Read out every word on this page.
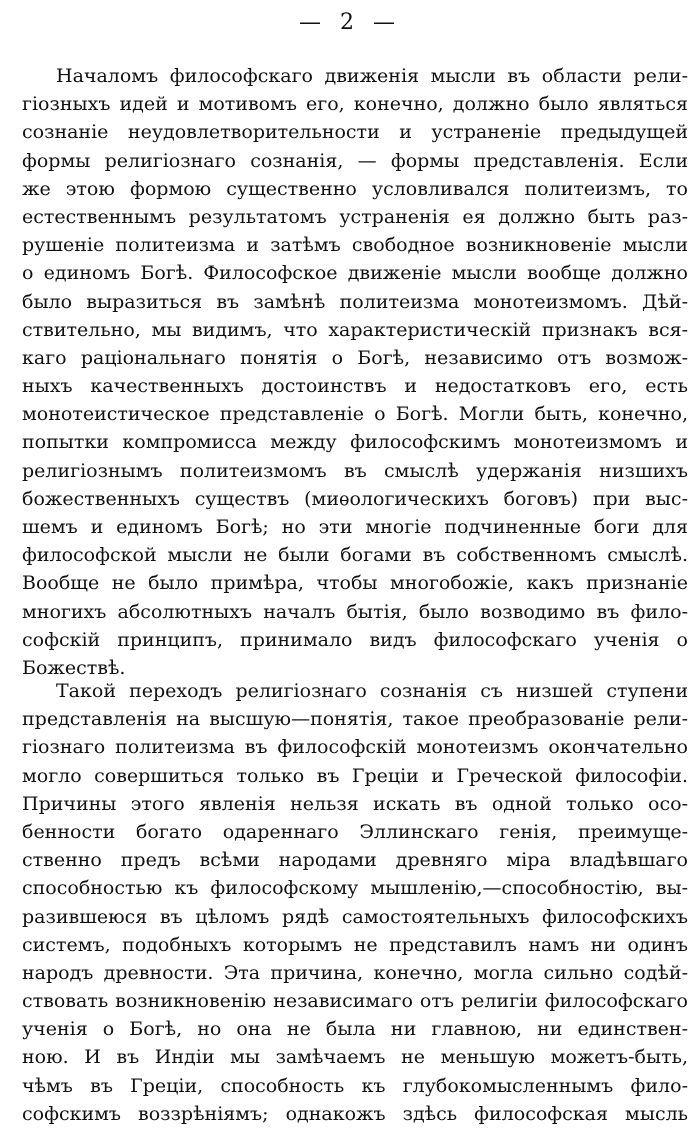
— 2 —
Началомъ философскаго движенія мысли въ области рели-
гіозныхъ идей и мотивомъ его, конечно, должно было являться
сознаніе неудовлетворительности и устраненіе предыдущей
формы религіознаго сознанія, — формы представленія. Если
же этою формою существенно условливался политеизмъ, то
естественнымъ результатомъ устраненія ея должно быть раз-
рушеніе политеизма и затѣмъ свободное возникновеніе мысли
о единомъ Богѣ. Философское движеніе мысли вообще должно
было выразиться въ замѣнѣ политеизма монотеизмомъ. Дѣй-
ствительно, мы видимъ, что характеристическій признакъ вся-
каго раціональнаго понятія о Богѣ, независимо отъ возмож-
ныхъ качественныхъ достоинствъ и недостатковъ его, есть
монотеистическое представленіе о Богѣ. Могли быть, конечно,
попытки компромисса между философскимъ монотеизмомъ и
религіознымъ политеизмомъ въ смыслѣ удержанія низшихъ
божественныхъ существъ (миѳологическихъ боговъ) при выс-
шемъ и единомъ Богѣ; но эти многіе подчиненные боги для
философской мысли не были богами въ собственномъ смыслѣ.
Вообще не было примѣра, чтобы многобожіе, какъ признаніе
многихъ абсолютныхъ началъ бытія, было возводимо въ фило-
софскій принципъ, принимало видъ философскаго ученія о
Божествѣ.
Такой переходъ религіознаго сознанія съ низшей ступени
представленія на высшую—понятія, такое преобразованіе рели-
гіознаго политеизма въ философскій монотеизмъ окончательно
могло совершиться только въ Греціи и Греческой философіи.
Причины этого явленія нельзя искать въ одной только осо-
бенности богато одареннаго Эллинскаго генія, преимуще-
ственно предъ всѣми народами древняго міра владѣвшаго
способностью къ философскому мышленію,—способностію, вы-
разившеюся въ цѣломъ рядѣ самостоятельныхъ философскихъ
системъ, подобныхъ которымъ не представилъ намъ ни одинъ
народъ древности. Эта причина, конечно, могла сильно содѣй-
ствовать возникновенію независимаго отъ религіи философскаго
ученія о Богѣ, но она не была ни главною, ни единствен-
ною. И въ Индіи мы замѣчаемъ не меньшую можетъ-быть,
чѣмъ въ Греціи, способность къ глубокомысленнымъ фило-
софскимъ воззрѣніямъ; однакожъ здѣсь философская мысль
